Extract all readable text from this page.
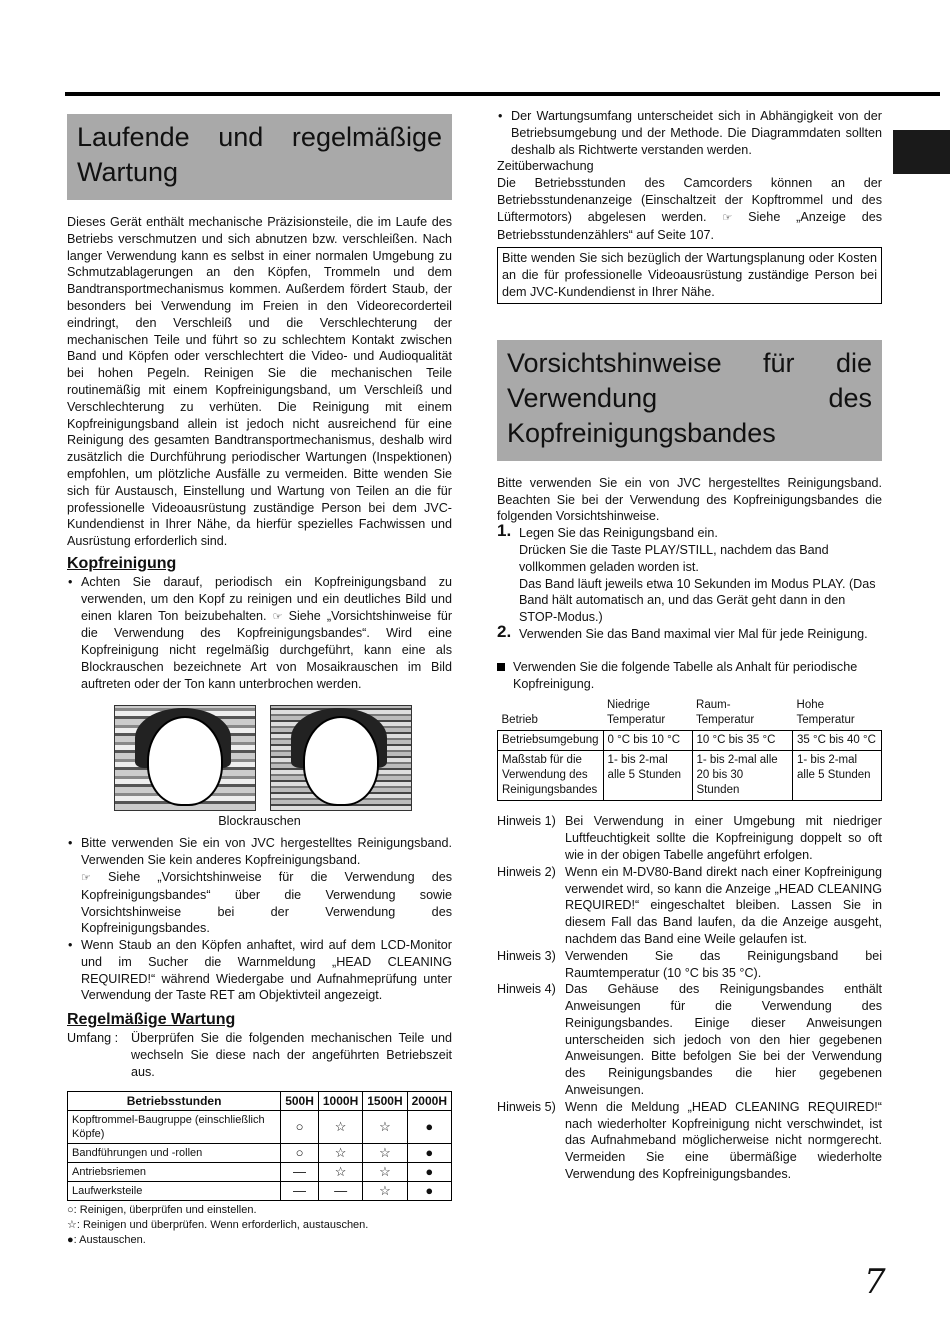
Laufende und regelmäßige Wartung

Dieses Gerät enthält mechanische Präzisionsteile, die im Laufe des Betriebs verschmutzen und sich abnutzen bzw. verschleißen. Nach langer Verwendung kann es selbst in einer normalen Umgebung zu Schmutzablagerungen an den Köpfen, Trommeln und dem Bandtransportmechanismus kommen. Außerdem fördert Staub, der besonders bei Verwendung im Freien in den Videorecorderteil eindringt, den Verschleiß und die Verschlechterung der mechanischen Teile und führt so zu schlechtem Kontakt zwischen Band und Köpfen oder verschlechtert die Video- und Audioqualität bei hohen Pegeln. Reinigen Sie die mechanischen Teile routinemäßig mit einem Kopfreinigungsband, um Verschleiß und Verschlechterung zu verhüten. Die Reinigung mit einem Kopfreinigungsband allein ist jedoch nicht ausreichend für eine Reinigung des gesamten Bandtransportmechanismus, deshalb wird zusätzlich die Durchführung periodischer Wartungen (Inspektionen) empfohlen, um plötzliche Ausfälle zu vermeiden. Bitte wenden Sie sich für Austausch, Einstellung und Wartung von Teilen an die für professionelle Videoausrüstung zuständige Person bei dem JVC-Kundendienst in Ihrer Nähe, da hierfür spezielles Fachwissen und Ausrüstung erforderlich sind.

Kopfreinigung
• Achten Sie darauf, periodisch ein Kopfreinigungsband zu verwenden, um den Kopf zu reinigen und ein deutliches Bild und einen klaren Ton beizubehalten. ☞ Siehe „Vorsichtshinweise für die Verwendung des Kopfreinigungsbandes“. Wird eine Kopfreinigung nicht regelmäßig durchgeführt, kann eine als Blockrauschen bezeichnete Art von Mosaikrauschen im Bild auftreten oder der Ton kann unterbrochen werden.
Blockrauschen
• Bitte verwenden Sie ein von JVC hergestelltes Reinigungsband. Verwenden Sie kein anderes Kopfreinigungsband.
☞ Siehe „Vorsichtshinweise für die Verwendung des Kopfreinigungsbandes“ über die Verwendung sowie Vorsichtshinweise bei der Verwendung des Kopfreinigungsbandes.
• Wenn Staub an den Köpfen anhaftet, wird auf dem LCD-Monitor und im Sucher die Warnmeldung „HEAD CLEANING REQUIRED!“ während Wiedergabe und Aufnahmeprüfung unter Verwendung der Taste RET am Objektivteil angezeigt.
Regelmäßige Wartung
Umfang :	Überprüfen Sie die folgenden mechanischen Teile und wechseln Sie diese nach der angeführten Betriebszeit aus.

Betriebsstunden	500H	1000H	1500H	2000H
Kopftrommel-Baugruppe (einschließlich Köpfe)	○	☆	☆	●
Bandführungen und -rollen	○	☆	☆	●
Antriebsriemen	—	☆	☆	●
Laufwerksteile	—	—	☆	●
○: Reinigen, überprüfen und einstellen.
☆: Reinigen und überprüfen. Wenn erforderlich, austauschen.
●: Austauschen.
• Der Wartungsumfang unterscheidet sich in Abhängigkeit von der Betriebsumgebung und der Methode. Die Diagrammdaten sollten deshalb als Richtwerte verstanden werden.
Zeitüberwachung

Die Betriebsstunden des Camcorders können an der Betriebsstundenanzeige (Einschaltzeit der Kopftrommel und des Lüftermotors) abgelesen werden. ☞ Siehe „Anzeige des Betriebsstundenzählers“ auf Seite 107.

Bitte wenden Sie sich bezüglich der Wartungsplanung oder Kosten an die für professionelle Videoausrüstung zuständige Person bei dem JVC-Kundendienst in Ihrer Nähe.
Vorsichtshinweise für die Verwendung des Kopfreinigungsbandes

Bitte verwenden Sie ein von JVC hergestelltes Reinigungsband. Beachten Sie bei der Verwendung des Kopfreinigungsbandes die folgenden Vorsichtshinweise.

1. Legen Sie das Reinigungsband ein.
Drücken Sie die Taste PLAY/STILL, nachdem das Band vollkommen geladen worden ist.
Das Band läuft jeweils etwa 10 Sekunden im Modus PLAY. (Das Band hält automatisch an, und das Gerät geht dann in den STOP-Modus.)
2. Verwenden Sie das Band maximal vier Mal für jede Reinigung.
Verwenden Sie die folgende Tabelle als Anhalt für periodische Kopfreinigung.
Betrieb	Niedrige Temperatur	Raum-Temperatur	Hohe Temperatur
Betriebsumgebung	0 °C bis 10 °C	10 °C bis 35 °C	35 °C bis 40 °C
Maßstab für die Verwendung des Reinigungsbandes	1- bis 2-mal alle 5 Stunden	1- bis 2-mal alle 20 bis 30 Stunden	1- bis 2-mal alle 5 Stunden
Hinweis 1) Bei Verwendung in einer Umgebung mit niedriger Luftfeuchtigkeit sollte die Kopfreinigung doppelt so oft wie in der obigen Tabelle angeführt erfolgen.
Hinweis 2) Wenn ein M-DV80-Band direkt nach einer Kopfreinigung verwendet wird, so kann die Anzeige „HEAD CLEANING REQUIRED!“ eingeschaltet bleiben. Lassen Sie in diesem Fall das Band laufen, da die Anzeige ausgeht, nachdem das Band eine Weile gelaufen ist.
Hinweis 3) Verwenden Sie das Reinigungsband bei Raumtemperatur (10 °C bis 35 °C).
Hinweis 4) Das Gehäuse des Reinigungsbandes enthält Anweisungen für die Verwendung des Reinigungsbandes. Einige dieser Anweisungen unterscheiden sich jedoch von den hier gegebenen Anweisungen. Bitte befolgen Sie bei der Verwendung des Reinigungsbandes die hier gegebenen Anweisungen.
Hinweis 5) Wenn die Meldung „HEAD CLEANING REQUIRED!“ nach wiederholter Kopfreinigung nicht verschwindet, ist das Aufnahmeband möglicherweise nicht normgerecht. Vermeiden Sie eine übermäßige wiederholte Verwendung des Kopfreinigungsbandes.
7
